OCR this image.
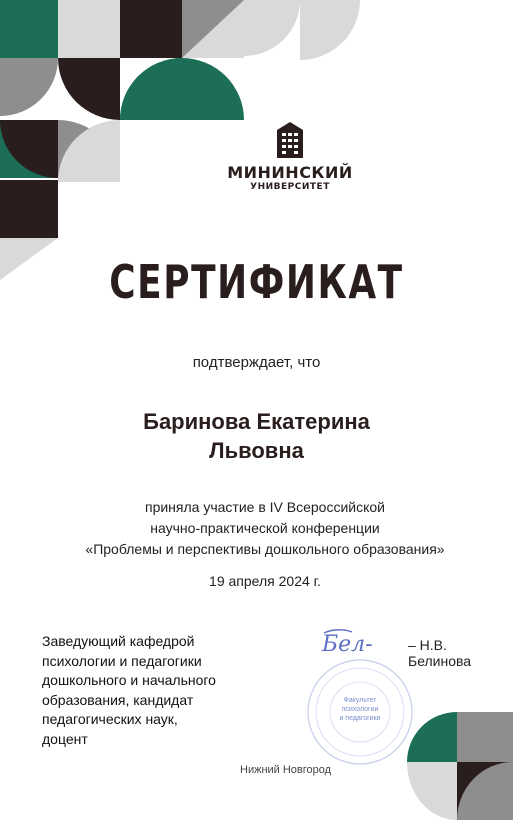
МИНИНСКИЙ
УНИВЕРСИТЕТ
СЕРТИФИКАТ
подтверждает, что
Баринова Екатерина
Львовна
приняла участие в IV Всероссийской
научно-практической конференции
«Проблемы и перспективы дошкольного образования»
19 апреля 2024 г.
Заведующий кафедрой
психологии и педагогики
дошкольного и начального
образования, кандидат
педагогических наук,
доцент
Факультет
психологии
и педагогики
Бел-	– Н.В. Белинова
Нижний Новгород
